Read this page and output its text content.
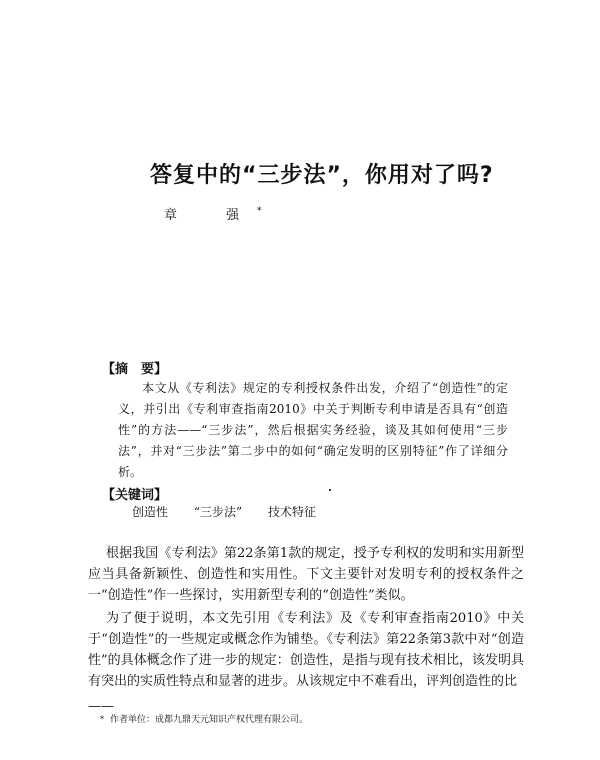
答复中的“三步法”，你用对了吗?
章　强*
【摘　要】

本文从《专利法》规定的专利授权条件出发，介绍了“创造性”的定义，并引出《专利审查指南2010》中关于判断专利申请是否具有“创造性”的方法——“三步法”，然后根据实务经验，谈及其如何使用“三步法”，并对“三步法”第二步中的如何“确定发明的区别特征”作了详细分析。

【关键词】
创造性 “三步法” 技术特征

根据我国《专利法》第22条第1款的规定，授予专利权的发明和实用新型应当具备新颖性、创造性和实用性。下文主要针对发明专利的授权条件之一“创造性”作一些探讨，实用新型专利的“创造性”类似。

为了便于说明，本文先引用《专利法》及《专利审查指南2010》中关于“创造性”的一些规定或概念作为铺垫。《专利法》第22条第3款中对“创造性”的具体概念作了进一步的规定：创造性，是指与现有技术相比，该发明具有突出的实质性特点和显著的进步。从该规定中不难看出，评判创造性的比

——
* 作者单位：成都九鼎天元知识产权代理有限公司。
